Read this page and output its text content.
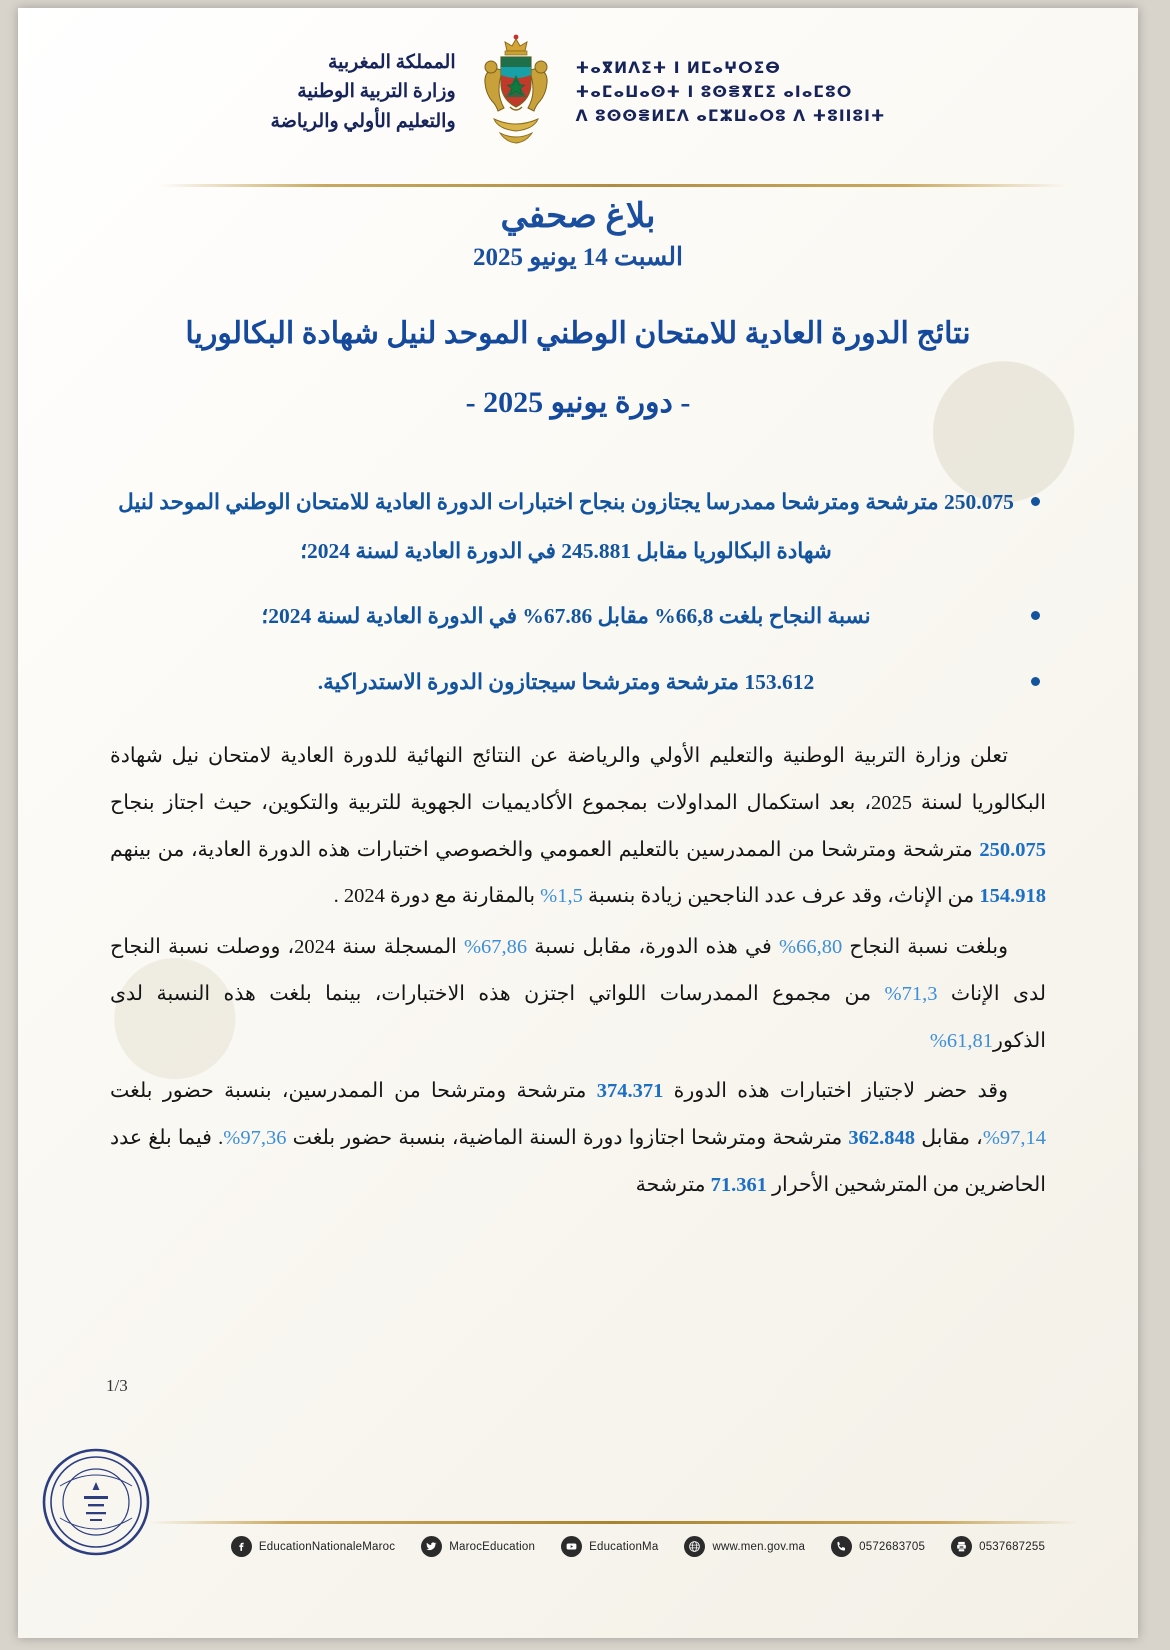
ⵜⴰⴳⵍⴷⵉⵜ ⵏ ⵍⵎⴰⵖⵔⵉⴱ
ⵜⴰⵎⴰⵡⴰⵙⵜ ⵏ ⵓⵙⴻⴳⵎⵉ ⴰⵏⴰⵎⵓⵔ
ⴷ ⵓⵙⵙⴻⵍⵎⴷ ⴰⵎⵣⵡⴰⵔⵓ ⴷ ⵜⵓⵏⵏⵓⵏⵜ
المملكة المغربية
وزارة التربية الوطنية
والتعليم الأولي والرياضة
بلاغ صحفي
السبت 14 يونيو 2025
نتائج الدورة العادية للامتحان الوطني الموحد لنيل شهادة البكالوريا
- دورة يونيو 2025 -
250.075 مترشحة ومترشحا ممدرسا يجتازون بنجاح اختبارات الدورة العادية للامتحان الوطني الموحد لنيل شهادة البكالوريا مقابل 245.881 في الدورة العادية لسنة 2024؛
نسبة النجاح بلغت 66,8% مقابل 67.86% في الدورة العادية لسنة 2024؛
153.612 مترشحة ومترشحا سيجتازون الدورة الاستدراكية.

تعلن وزارة التربية الوطنية والتعليم الأولي والرياضة عن النتائج النهائية للدورة العادية لامتحان نيل شهادة البكالوريا لسنة 2025، بعد استكمال المداولات بمجموع الأكاديميات الجهوية للتربية والتكوين، حيث اجتاز بنجاح 250.075 مترشحة ومترشحا من الممدرسين بالتعليم العمومي والخصوصي اختبارات هذه الدورة العادية، من بينهم 154.918 من الإناث، وقد عرف عدد الناجحين زيادة بنسبة 1,5% بالمقارنة مع دورة 2024 .

وبلغت نسبة النجاح 66,80% في هذه الدورة، مقابل نسبة 67,86% المسجلة سنة 2024، ووصلت نسبة النجاح لدى الإناث 71,3% من مجموع الممدرسات اللواتي اجتزن هذه الاختبارات، بينما بلغت هذه النسبة لدى الذكور61,81%

وقد حضر لاجتياز اختبارات هذه الدورة 374.371 مترشحة ومترشحا من الممدرسين، بنسبة حضور بلغت 97,14%، مقابل 362.848 مترشحة ومترشحا اجتازوا دورة السنة الماضية، بنسبة حضور بلغت 97,36%. فيما بلغ عدد الحاضرين من المترشحين الأحرار 71.361 مترشحة

1/3
EducationNationaleMaroc	MarocEducation	EducationMa	www.men.gov.ma	0572683705	0537687255
